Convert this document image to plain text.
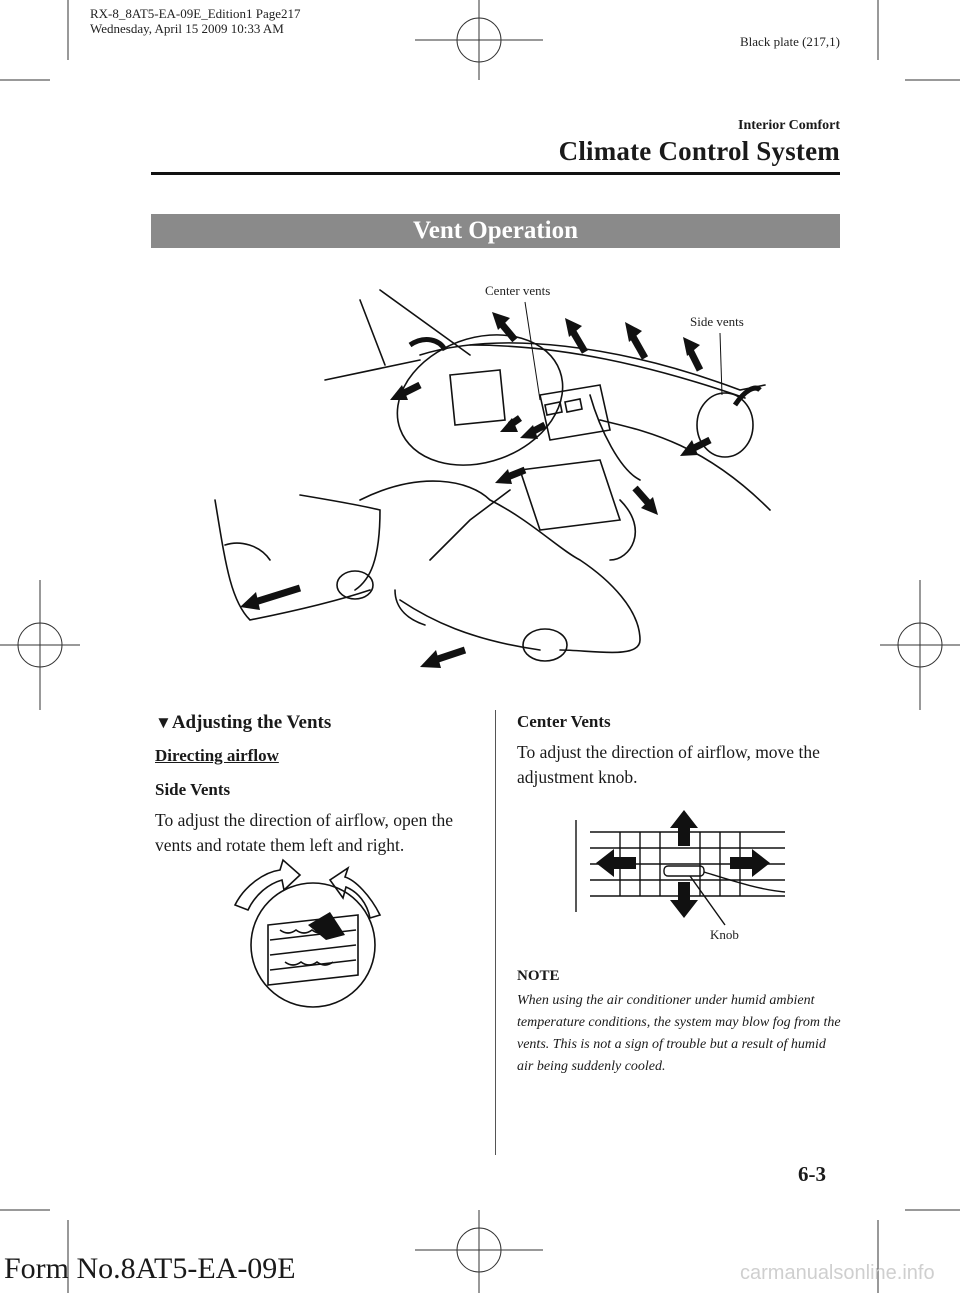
RX-8_8AT5-EA-09E_Edition1 Page217
Wednesday, April 15 2009 10:33 AM
Black plate (217,1)
Interior Comfort
Climate Control System
Vent Operation
Center vents
Side vents
▼Adjusting the Vents
Directing airflow
Side Vents
To adjust the direction of airflow, open the vents and rotate them left and right.
Center Vents
To adjust the direction of airflow, move the adjustment knob.
Knob
NOTE
When using the air conditioner under humid ambient temperature conditions, the system may blow fog from the vents. This is not a sign of trouble but a result of humid air being suddenly cooled.
6-3
Form No.8AT5-EA-09E	carmanualsonline.info
